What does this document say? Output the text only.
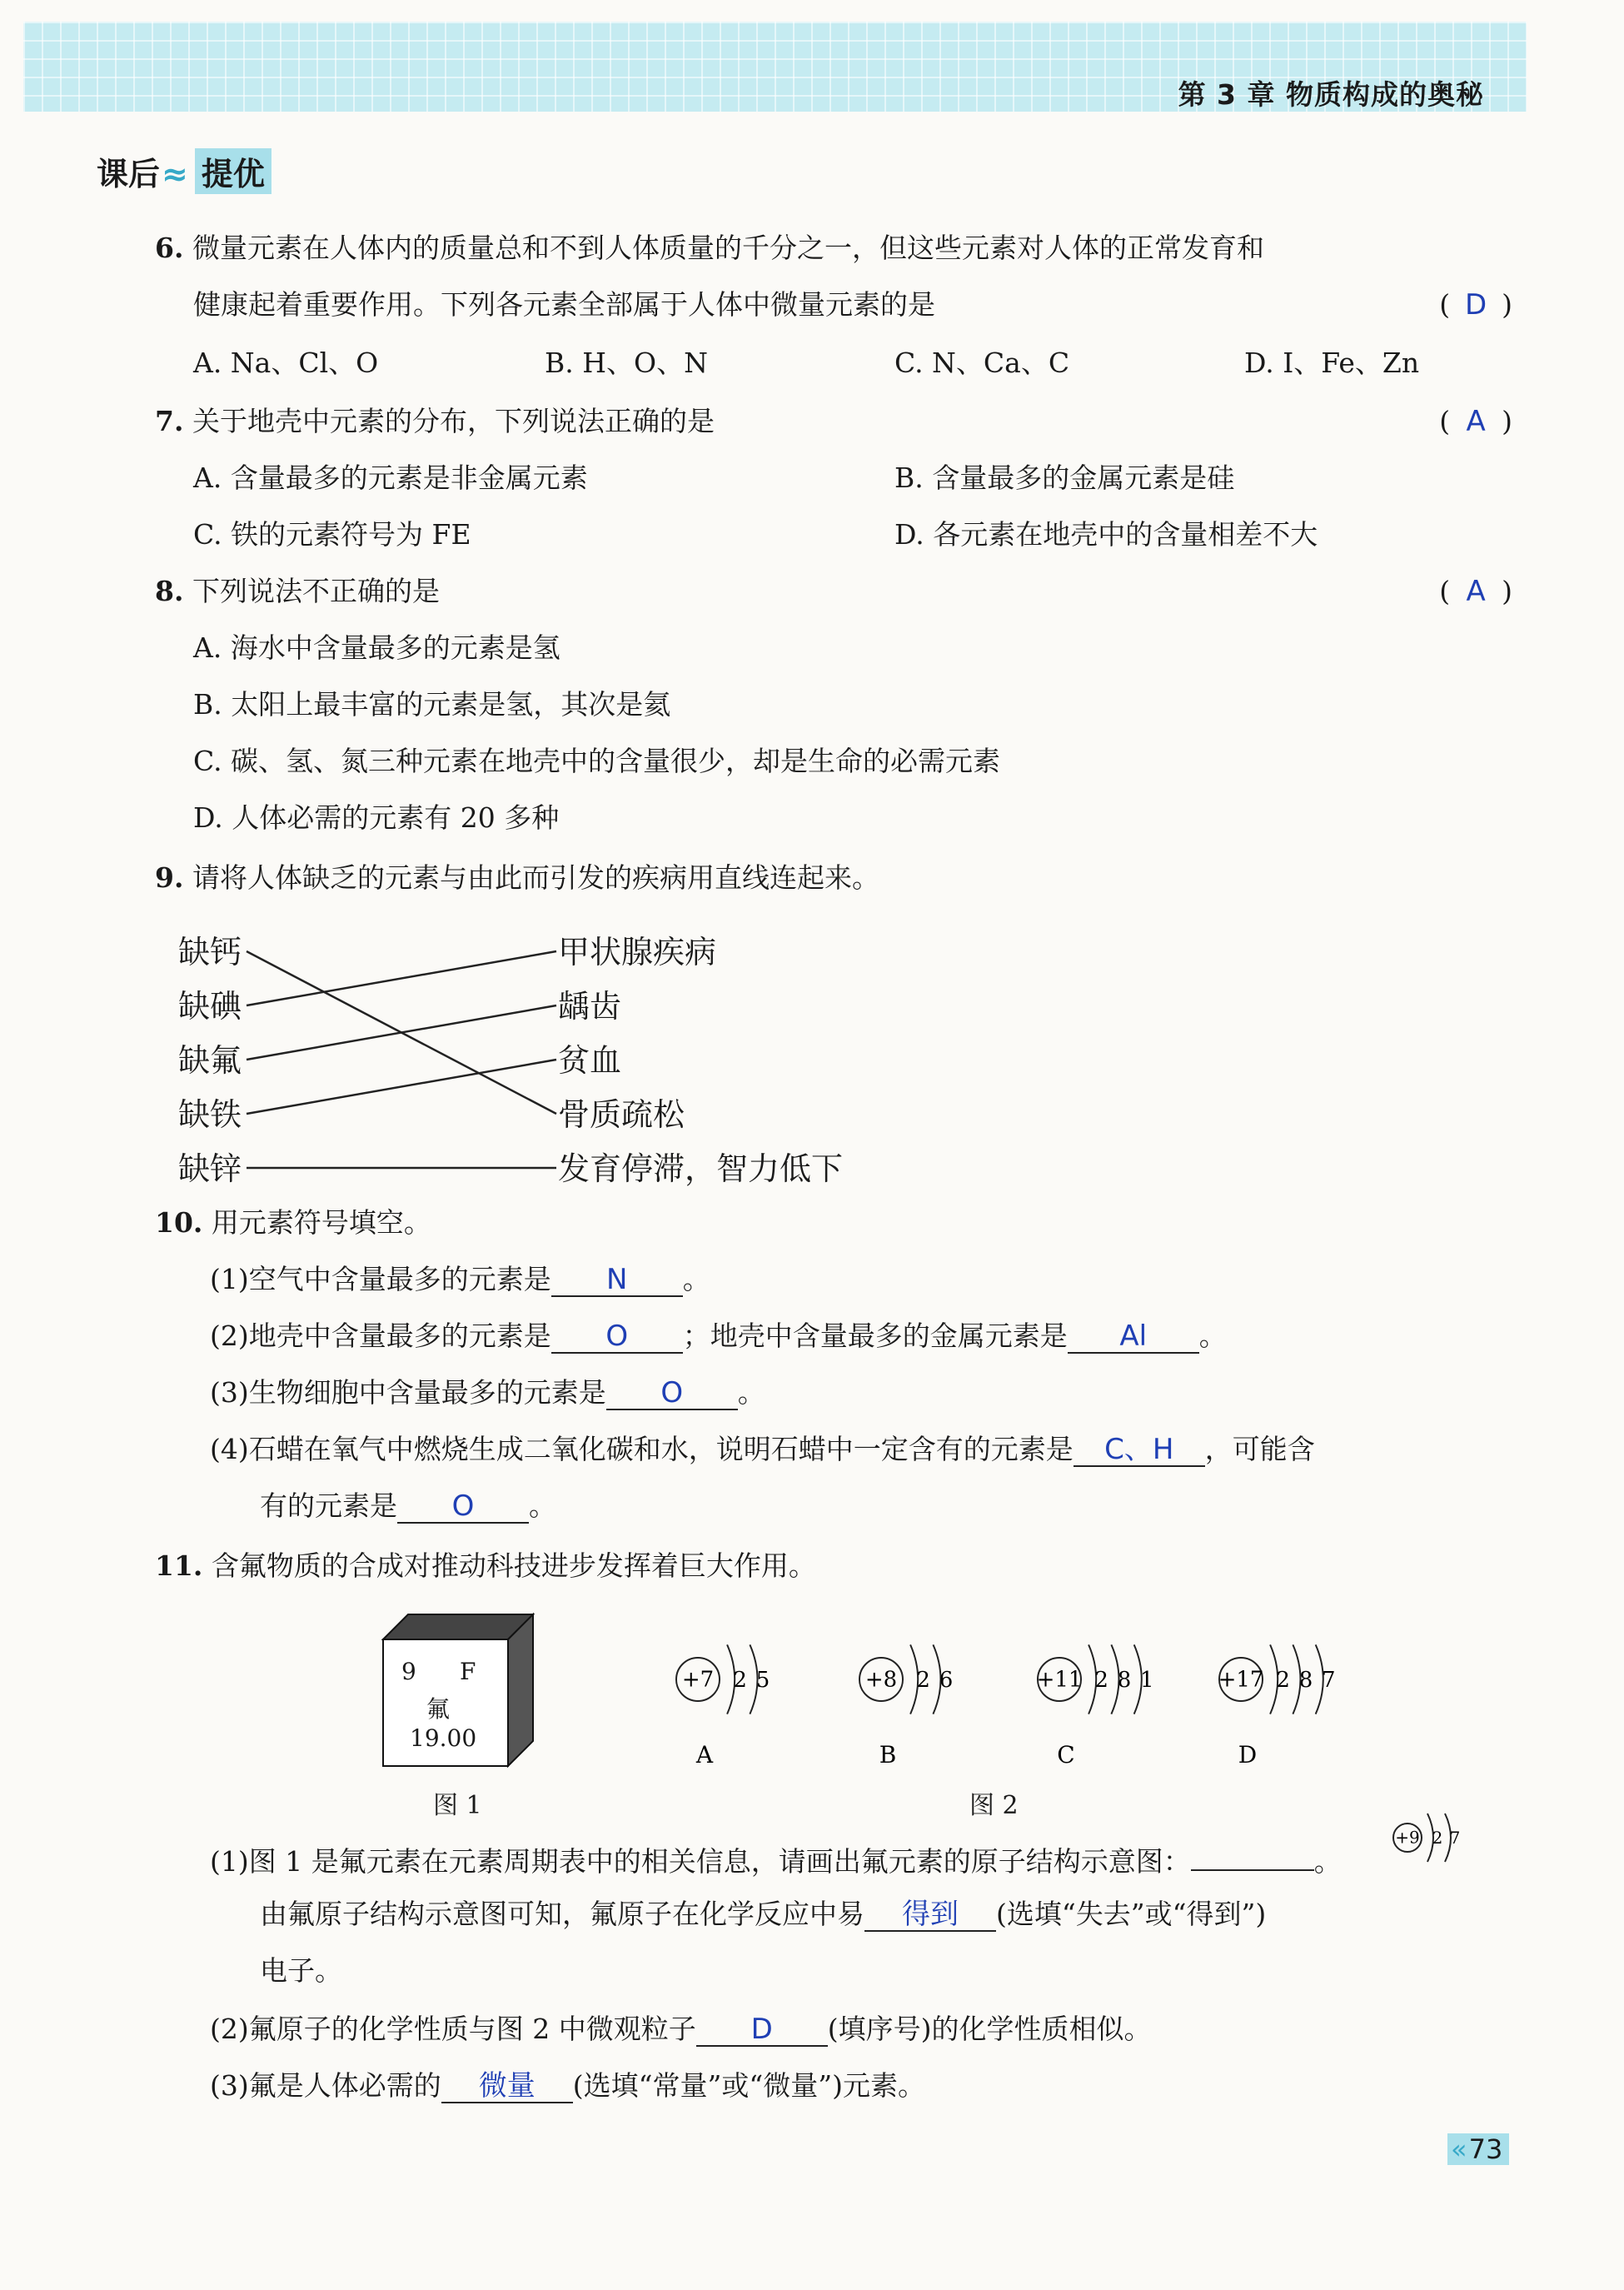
第 3 章 物质构成的奥秘
课后≈ 提优
6. 微量元素在人体内的质量总和不到人体质量的千分之一，但这些元素对人体的正常发育和
健康起着重要作用。下列各元素全部属于人体中微量元素的是	( D )
A. Na、Cl、O	B. H、O、N	C. N、Ca、C	D. I、Fe、Zn
7. 关于地壳中元素的分布，下列说法正确的是	( A )
A. 含量最多的元素是非金属元素	B. 含量最多的金属元素是硅
C. 铁的元素符号为 FE	D. 各元素在地壳中的含量相差不大
8. 下列说法不正确的是	( A )
A. 海水中含量最多的元素是氢
B. 太阳上最丰富的元素是氢，其次是氦
C. 碳、氢、氮三种元素在地壳中的含量很少，却是生命的必需元素
D. 人体必需的元素有 20 多种
9. 请将人体缺乏的元素与由此而引发的疾病用直线连起来。
缺钙
缺碘
缺氟
缺铁
缺锌
甲状腺疾病
龋齿
贫血
骨质疏松
发育停滞，智力低下
10. 用元素符号填空。
(1)空气中含量最多的元素是 N 。
(2)地壳中含量最多的元素是 O ；地壳中含量最多的金属元素是 Al 。
(3)生物细胞中含量最多的元素是 O 。
(4)石蜡在氧气中燃烧生成二氧化碳和水，说明石蜡中一定含有的元素是 C、H ，可能含
有的元素是 O 。
11. 含氟物质的合成对推动科技进步发挥着巨大作用。
+7 2 5
A
+8 2 6
B
+11 2 8 1
C
+17 2 8 7
D
+9 2 7
9 F
氟
19.00
图 1	图 2
(1)图 1 是氟元素在元素周期表中的相关信息，请画出氟元素的原子结构示意图：	。
由氟原子结构示意图可知，氟原子在化学反应中易 得到 (选填“失去”或“得到”)
电子。
(2)氟原子的化学性质与图 2 中微观粒子 D (填序号)的化学性质相似。
(3)氟是人体必需的 微量 (选填“常量”或“微量”)元素。
«73
